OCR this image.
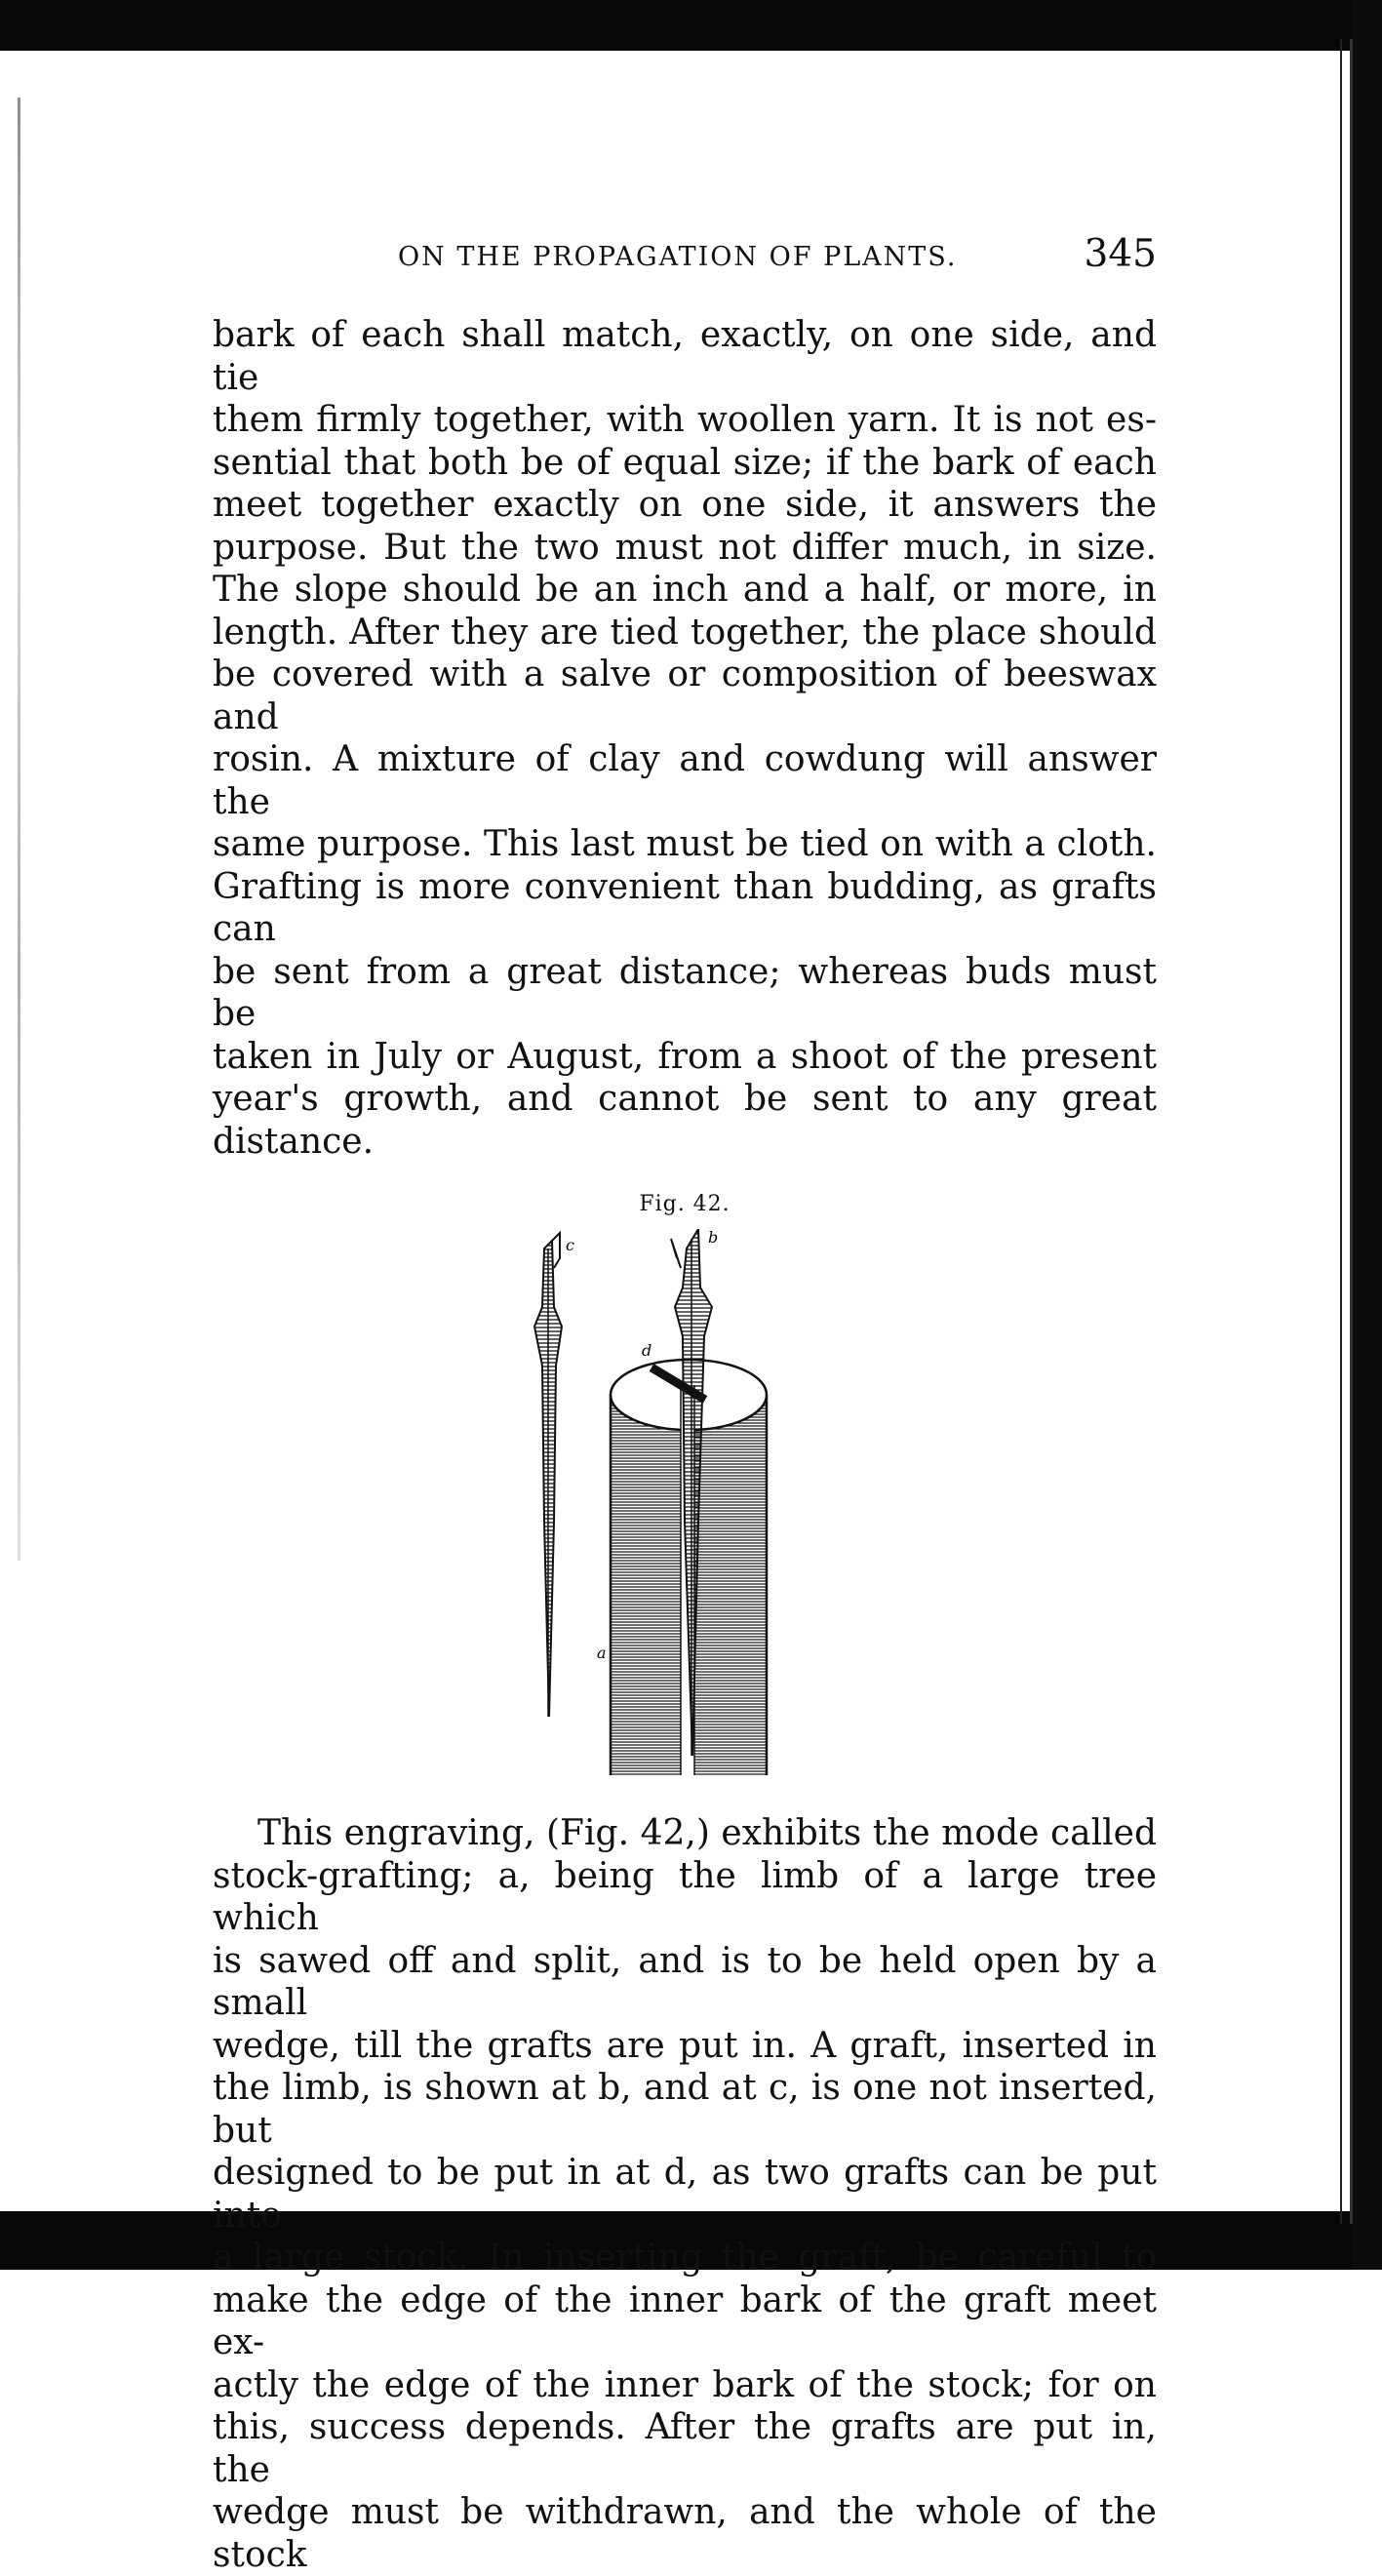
ON THE PROPAGATION OF PLANTS.	345
bark of each shall match, exactly, on one side, and tie
them firmly together, with woollen yarn. It is not es-
sential that both be of equal size; if the bark of each
meet together exactly on one side, it answers the
purpose. But the two must not differ much, in size.
The slope should be an inch and a half, or more, in
length. After they are tied together, the place should
be covered with a salve or composition of beeswax and
rosin. A mixture of clay and cowdung will answer the
same purpose. This last must be tied on with a cloth.
Grafting is more convenient than budding, as grafts can
be sent from a great distance; whereas buds must be
taken in July or August, from a shoot of the present
year's growth, and cannot be sent to any great distance.
Fig. 42.
c
a
d
b
This engraving, (Fig. 42,) exhibits the mode called
stock-grafting; a, being the limb of a large tree which
is sawed off and split, and is to be held open by a small
wedge, till the grafts are put in. A graft, inserted in
the limb, is shown at b, and at c, is one not inserted, but
designed to be put in at d, as two grafts can be put into
a large stock. In inserting the graft, be careful to
make the edge of the inner bark of the graft meet ex-
actly the edge of the inner bark of the stock; for on
this, success depends. After the grafts are put in, the
wedge must be withdrawn, and the whole of the stock
